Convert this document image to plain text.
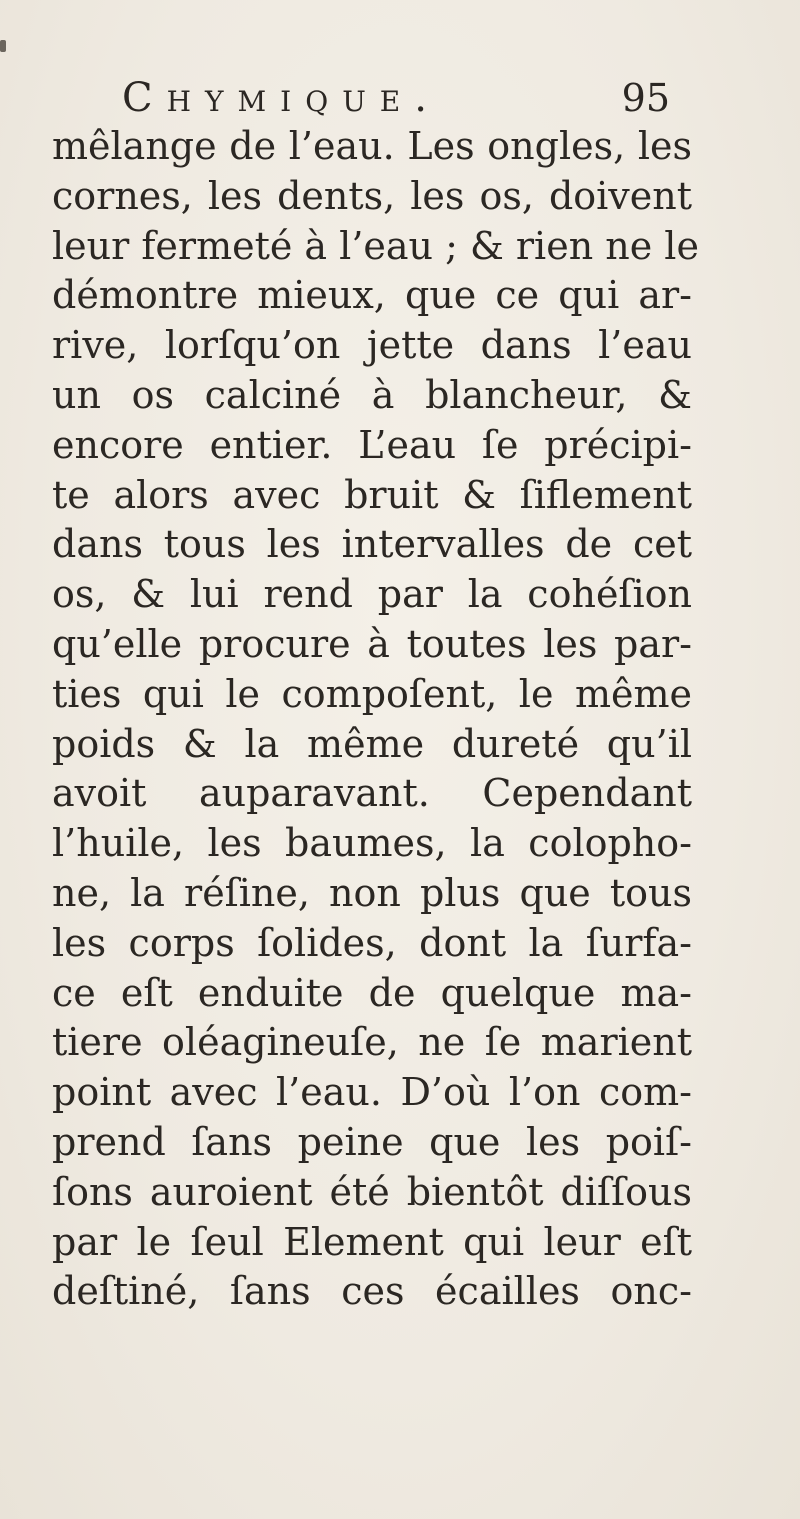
Chymique.	95
mêlange de l’eau. Les ongles, les
cornes, les dents, les os, doivent
leur fermeté à l’eau ; & rien ne le
démontre mieux, que ce qui ar-
rive, lorſqu’on jette dans l’eau
un os calciné à blancheur, &
encore entier. L’eau ſe précipi-
te alors avec bruit & ſiflement
dans tous les intervalles de cet
os, & lui rend par la cohéſion
qu’elle procure à toutes les par-
ties qui le compoſent, le même
poids & la même dureté qu’il
avoit auparavant. Cependant
l’huile, les baumes, la colopho-
ne, la réſine, non plus que tous
les corps ſolides, dont la ſurfa-
ce eſt enduite de quelque ma-
tiere oléagineuſe, ne ſe marient
point avec l’eau. D’où l’on com-
prend ſans peine que les poiſ-
ſons auroient été bientôt diſſous
par le ſeul Element qui leur eſt
deſtiné, ſans ces écailles onc-
